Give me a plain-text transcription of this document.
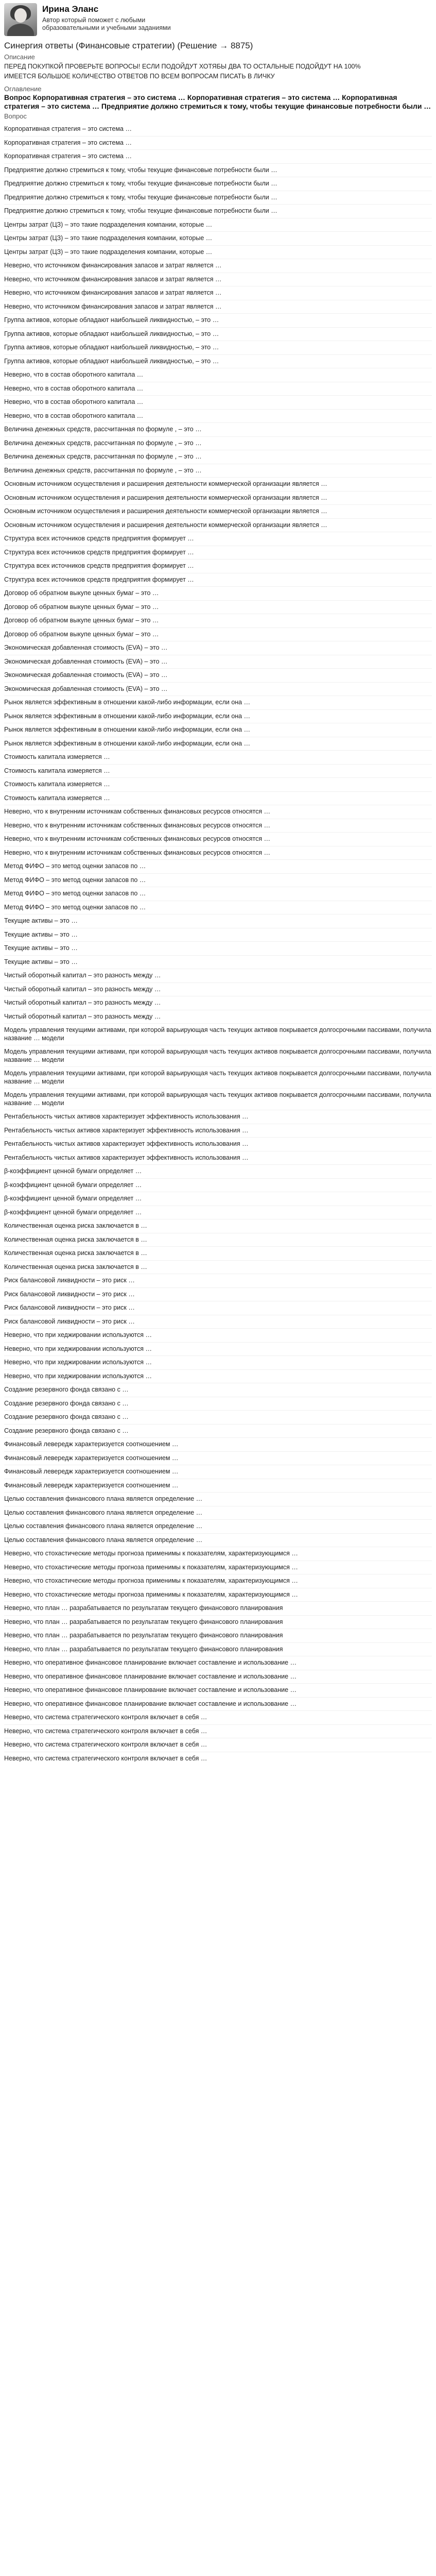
Ирина Эланс
Автор который поможет с любыми образовательными и учебными заданиями
Синергия ответы (Финансовые стратегии) (Решение → 8875)
Описание
ПЕРЕД ПОКУПКОЙ ПРОВЕРЬТЕ ВОПРОСЫ! ЕСЛИ ПОДОЙДУТ ХОТЯБЫ ДВА ТО ОСТАЛЬНЫЕ ПОДОЙДУТ НА 100%
ИМЕЕТСЯ БОЛЬШОЕ КОЛИЧЕСТВО ОТВЕТОВ ПО ВСЕМ ВОПРОСАМ ПИСАТЬ В ЛИЧКУ
Оглавление
Вопрос Корпоративная стратегия – это система … Корпоративная стратегия – это система … Корпоративная стратегия – это система … Предприятие должно стремиться к тому, чтобы текущие финансовые потребности были …
Вопрос
Корпоративная стратегия – это система …
Корпоративная стратегия – это система …
Корпоративная стратегия – это система …
Предприятие должно стремиться к тому, чтобы текущие финансовые потребности были …
Предприятие должно стремиться к тому, чтобы текущие финансовые потребности были …
Предприятие должно стремиться к тому, чтобы текущие финансовые потребности были …
Предприятие должно стремиться к тому, чтобы текущие финансовые потребности были …
Центры затрат (ЦЗ) – это такие подразделения компании, которые …
Центры затрат (ЦЗ) – это такие подразделения компании, которые …
Центры затрат (ЦЗ) – это такие подразделения компании, которые …
Неверно, что источником финансирования запасов и затрат является …
Неверно, что источником финансирования запасов и затрат является …
Неверно, что источником финансирования запасов и затрат является …
Неверно, что источником финансирования запасов и затрат является …
Группа активов, которые обладают наибольшей ликвидностью, – это …
Группа активов, которые обладают наибольшей ликвидностью, – это …
Группа активов, которые обладают наибольшей ликвидностью, – это …
Группа активов, которые обладают наибольшей ликвидностью, – это …
Неверно, что в состав оборотного капитала …
Неверно, что в состав оборотного капитала …
Неверно, что в состав оборотного капитала …
Неверно, что в состав оборотного капитала …
Величина денежных средств, рассчитанная по формуле , – это …
Величина денежных средств, рассчитанная по формуле , – это …
Величина денежных средств, рассчитанная по формуле , – это …
Величина денежных средств, рассчитанная по формуле , – это …
Основным источником осуществления и расширения деятельности коммерческой организации является …
Основным источником осуществления и расширения деятельности коммерческой организации является …
Основным источником осуществления и расширения деятельности коммерческой организации является …
Основным источником осуществления и расширения деятельности коммерческой организации является …
Структура всех источников средств предприятия формирует …
Структура всех источников средств предприятия формирует …
Структура всех источников средств предприятия формирует …
Структура всех источников средств предприятия формирует …
Договор об обратном выкупе ценных бумаг – это …
Договор об обратном выкупе ценных бумаг – это …
Договор об обратном выкупе ценных бумаг – это …
Договор об обратном выкупе ценных бумаг – это …
Экономическая добавленная стоимость (EVA) – это …
Экономическая добавленная стоимость (EVA) – это …
Экономическая добавленная стоимость (EVA) – это …
Экономическая добавленная стоимость (EVA) – это …
Рынок является эффективным в отношении какой-либо информации, если она …
Рынок является эффективным в отношении какой-либо информации, если она …
Рынок является эффективным в отношении какой-либо информации, если она …
Рынок является эффективным в отношении какой-либо информации, если она …
Стоимость капитала измеряется …
Стоимость капитала измеряется …
Стоимость капитала измеряется …
Стоимость капитала измеряется …
Неверно, что к внутренним источникам собственных финансовых ресурсов относятся …
Неверно, что к внутренним источникам собственных финансовых ресурсов относятся …
Неверно, что к внутренним источникам собственных финансовых ресурсов относятся …
Неверно, что к внутренним источникам собственных финансовых ресурсов относятся …
Метод ФИФО – это метод оценки запасов по …
Метод ФИФО – это метод оценки запасов по …
Метод ФИФО – это метод оценки запасов по …
Метод ФИФО – это метод оценки запасов по …
Текущие активы – это …
Текущие активы – это …
Текущие активы – это …
Текущие активы – это …
Чистый оборотный капитал – это разность между …
Чистый оборотный капитал – это разность между …
Чистый оборотный капитал – это разность между …
Чистый оборотный капитал – это разность между …
Модель управления текущими активами, при которой варьирующая часть текущих активов покрывается долгосрочными пассивами, получила название … модели
Модель управления текущими активами, при которой варьирующая часть текущих активов покрывается долгосрочными пассивами, получила название … модели
Модель управления текущими активами, при которой варьирующая часть текущих активов покрывается долгосрочными пассивами, получила название … модели
Модель управления текущими активами, при которой варьирующая часть текущих активов покрывается долгосрочными пассивами, получила название … модели
Рентабельность чистых активов характеризует эффективность использования …
Рентабельность чистых активов характеризует эффективность использования …
Рентабельность чистых активов характеризует эффективность использования …
Рентабельность чистых активов характеризует эффективность использования …
β-коэффициент ценной бумаги определяет …
β-коэффициент ценной бумаги определяет …
β-коэффициент ценной бумаги определяет …
β-коэффициент ценной бумаги определяет …
Количественная оценка риска заключается в …
Количественная оценка риска заключается в …
Количественная оценка риска заключается в …
Количественная оценка риска заключается в …
Риск балансовой ликвидности – это риск …
Риск балансовой ликвидности – это риск …
Риск балансовой ликвидности – это риск …
Риск балансовой ликвидности – это риск …
Неверно, что при хеджировании используются …
Неверно, что при хеджировании используются …
Неверно, что при хеджировании используются …
Неверно, что при хеджировании используются …
Создание резервного фонда связано с …
Создание резервного фонда связано с …
Создание резервного фонда связано с …
Создание резервного фонда связано с …
Финансовый левередж характеризуется соотношением …
Финансовый левередж характеризуется соотношением …
Финансовый левередж характеризуется соотношением …
Финансовый левередж характеризуется соотношением …
Целью составления финансового плана является определение …
Целью составления финансового плана является определение …
Целью составления финансового плана является определение …
Целью составления финансового плана является определение …
Неверно, что стохастические методы прогноза применимы к показателям, характеризующимся …
Неверно, что стохастические методы прогноза применимы к показателям, характеризующимся …
Неверно, что стохастические методы прогноза применимы к показателям, характеризующимся …
Неверно, что стохастические методы прогноза применимы к показателям, характеризующимся …
Неверно, что план … разрабатывается по результатам текущего финансового планирования
Неверно, что план … разрабатывается по результатам текущего финансового планирования
Неверно, что план … разрабатывается по результатам текущего финансового планирования
Неверно, что план … разрабатывается по результатам текущего финансового планирования
Неверно, что оперативное финансовое планирование включает составление и использование …
Неверно, что оперативное финансовое планирование включает составление и использование …
Неверно, что оперативное финансовое планирование включает составление и использование …
Неверно, что оперативное финансовое планирование включает составление и использование …
Неверно, что система стратегического контроля включает в себя …
Неверно, что система стратегического контроля включает в себя …
Неверно, что система стратегического контроля включает в себя …
Неверно, что система стратегического контроля включает в себя …
